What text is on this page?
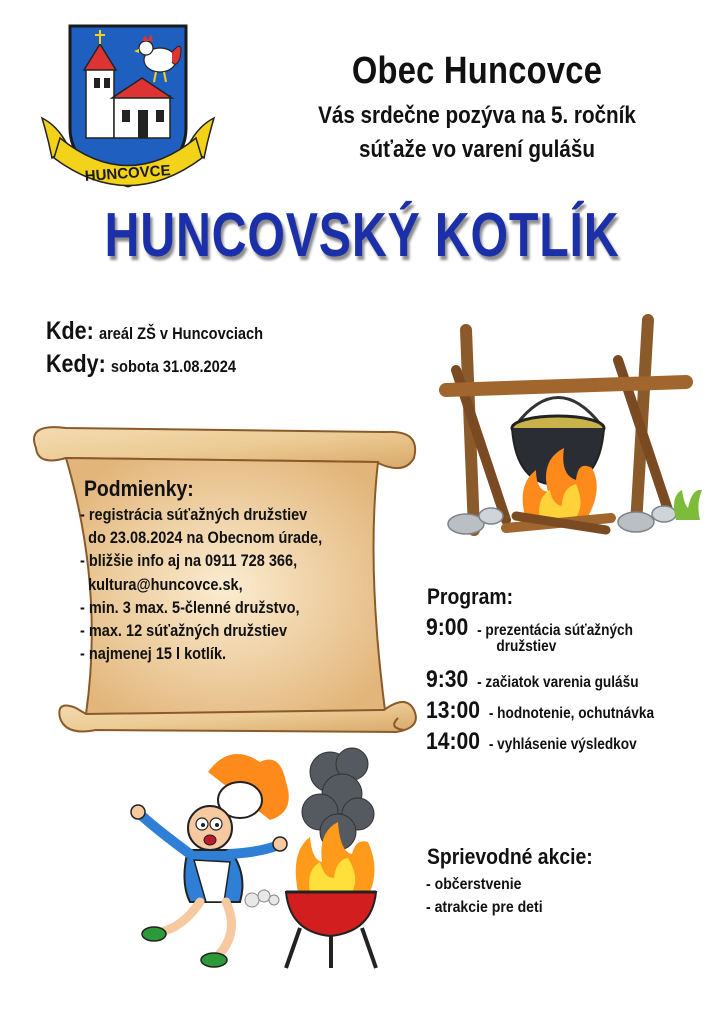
HUNCOVCE
Obec Huncovce
Vás srdečne pozýva na 5. ročník
súťaže vo varení gulášu
HUNCOVSKÝ KOTLÍK
Kde: areál ZŠ v Huncovciach
Kedy: sobota 31.08.2024
Podmienky:
- registrácia súťažných družstiev
do 23.08.2024 na Obecnom úrade,
- bližšie info aj na 0911 728 366,
kultura@huncovce.sk,
- min. 3 max. 5-členné družstvo,
- max. 12 súťažných družstiev
- najmenej 15 l kotlík.
Program:
9:00 - prezentácia súťažných
družstiev
9:30 - začiatok varenia gulášu
13:00 - hodnotenie, ochutnávka
14:00 - vyhlásenie výsledkov
Sprievodné akcie:
- občerstvenie
- atrakcie pre deti
